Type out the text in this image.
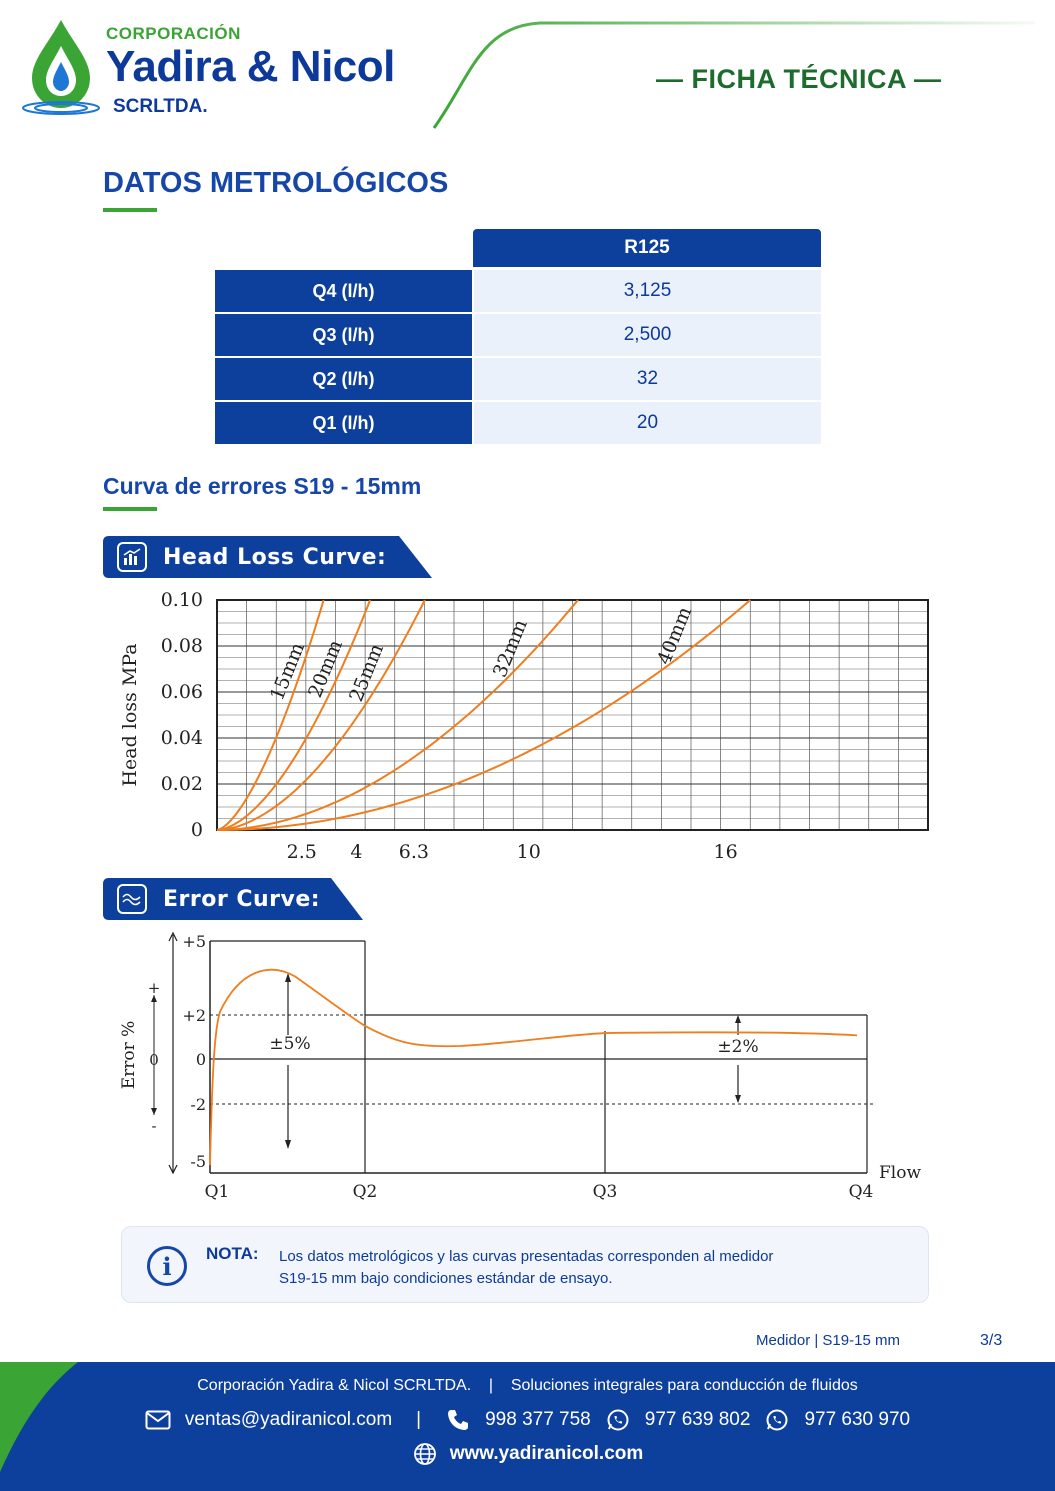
CORPORACIÓN
Yadira & Nicol
SCRLTDA.
— FICHA TÉCNICA —
DATOS METROLÓGICOS
R125
Q4 (l/h)	3,125
Q3 (l/h)	2,500
Q2 (l/h)	32
Q1 (l/h)	20
Curva de errores S19 - 15mm
Head Loss Curve:
0
0.02
0.04
0.06
0.08
0.10
2.5 4 6.3	10	16
15mm
20mm
25mm	32mm	40mm
Head loss MPa
Error Curve:
+
0
-
Error %
+5
+2
0
-2
-5
Q1	Q2	Q3	Q4
±5%	±2%
Flow
i	NOTA: Los datos metrológicos y las curvas presentadas corresponden al medidor
S19-15 mm bajo condiciones estándar de ensayo.
Medidor | S19-15 mm	3/3
Corporación Yadira & Nicol SCRLTDA. | Soluciones integrales para conducción de fluidos
ventas@yadiranicol.com |	998 377 758	977 639 802	977 630 970
www.yadiranicol.com
